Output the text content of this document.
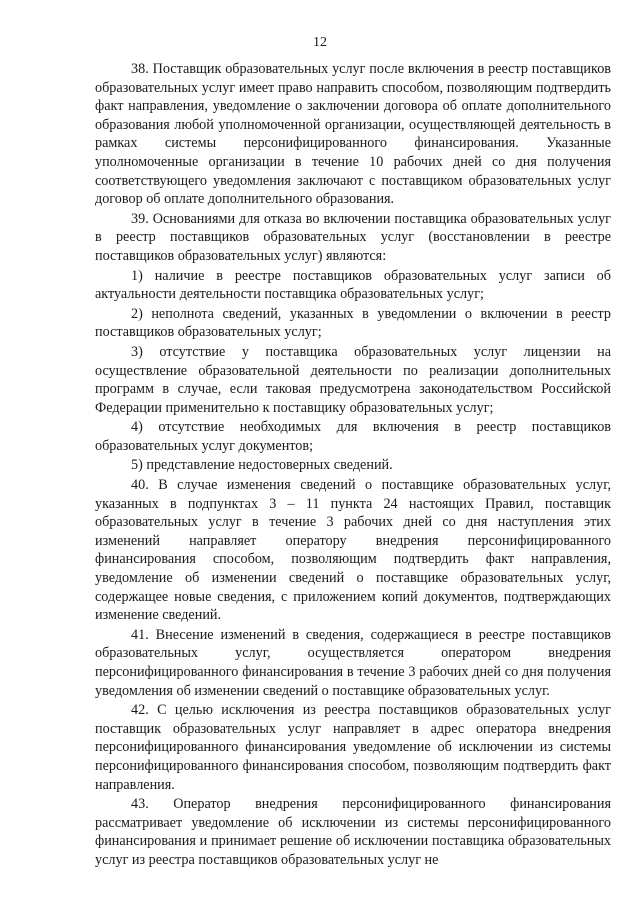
12

38. Поставщик образовательных услуг после включения в реестр поставщиков образовательных услуг имеет право направить способом, позволяющим подтвердить факт направления, уведомление о заключении договора об оплате дополнительного образования любой уполномоченной организации, осуществляющей деятельность в рамках системы персонифицированного финансирования. Указанные уполномоченные организации в течение 10 рабочих дней со дня получения соответствующего уведомления заключают с поставщиком образовательных услуг договор об оплате дополнительного образования.

39. Основаниями для отказа во включении поставщика образовательных услуг в реестр поставщиков образовательных услуг (восстановлении в реестре поставщиков образовательных услуг) являются:

1) наличие в реестре поставщиков образовательных услуг записи об актуальности деятельности поставщика образовательных услуг;

2) неполнота сведений, указанных в уведомлении о включении в реестр поставщиков образовательных услуг;

3) отсутствие у поставщика образовательных услуг лицензии на осуществление образовательной деятельности по реализации дополнительных программ в случае, если таковая предусмотрена законодательством Российской Федерации применительно к поставщику образовательных услуг;

4) отсутствие необходимых для включения в реестр поставщиков образовательных услуг документов;

5) представление недостоверных сведений.

40. В случае изменения сведений о поставщике образовательных услуг, указанных в подпунктах 3 – 11 пункта 24 настоящих Правил, поставщик образовательных услуг в течение 3 рабочих дней со дня наступления этих изменений направляет оператору внедрения персонифицированного финансирования способом, позволяющим подтвердить факт направления, уведомление об изменении сведений о поставщике образовательных услуг, содержащее новые сведения, с приложением копий документов, подтверждающих изменение сведений.

41. Внесение изменений в сведения, содержащиеся в реестре поставщиков образовательных услуг, осуществляется оператором внедрения персонифицированного финансирования в течение 3 рабочих дней со дня получения уведомления об изменении сведений о поставщике образовательных услуг.

42. С целью исключения из реестра поставщиков образовательных услуг поставщик образовательных услуг направляет в адрес оператора внедрения персонифицированного финансирования уведомление об исключении из системы персонифицированного финансирования способом, позволяющим подтвердить факт направления.

43. Оператор внедрения персонифицированного финансирования рассматривает уведомление об исключении из системы персонифицированного финансирования и принимает решение об исключении поставщика образовательных услуг из реестра поставщиков образовательных услуг не
